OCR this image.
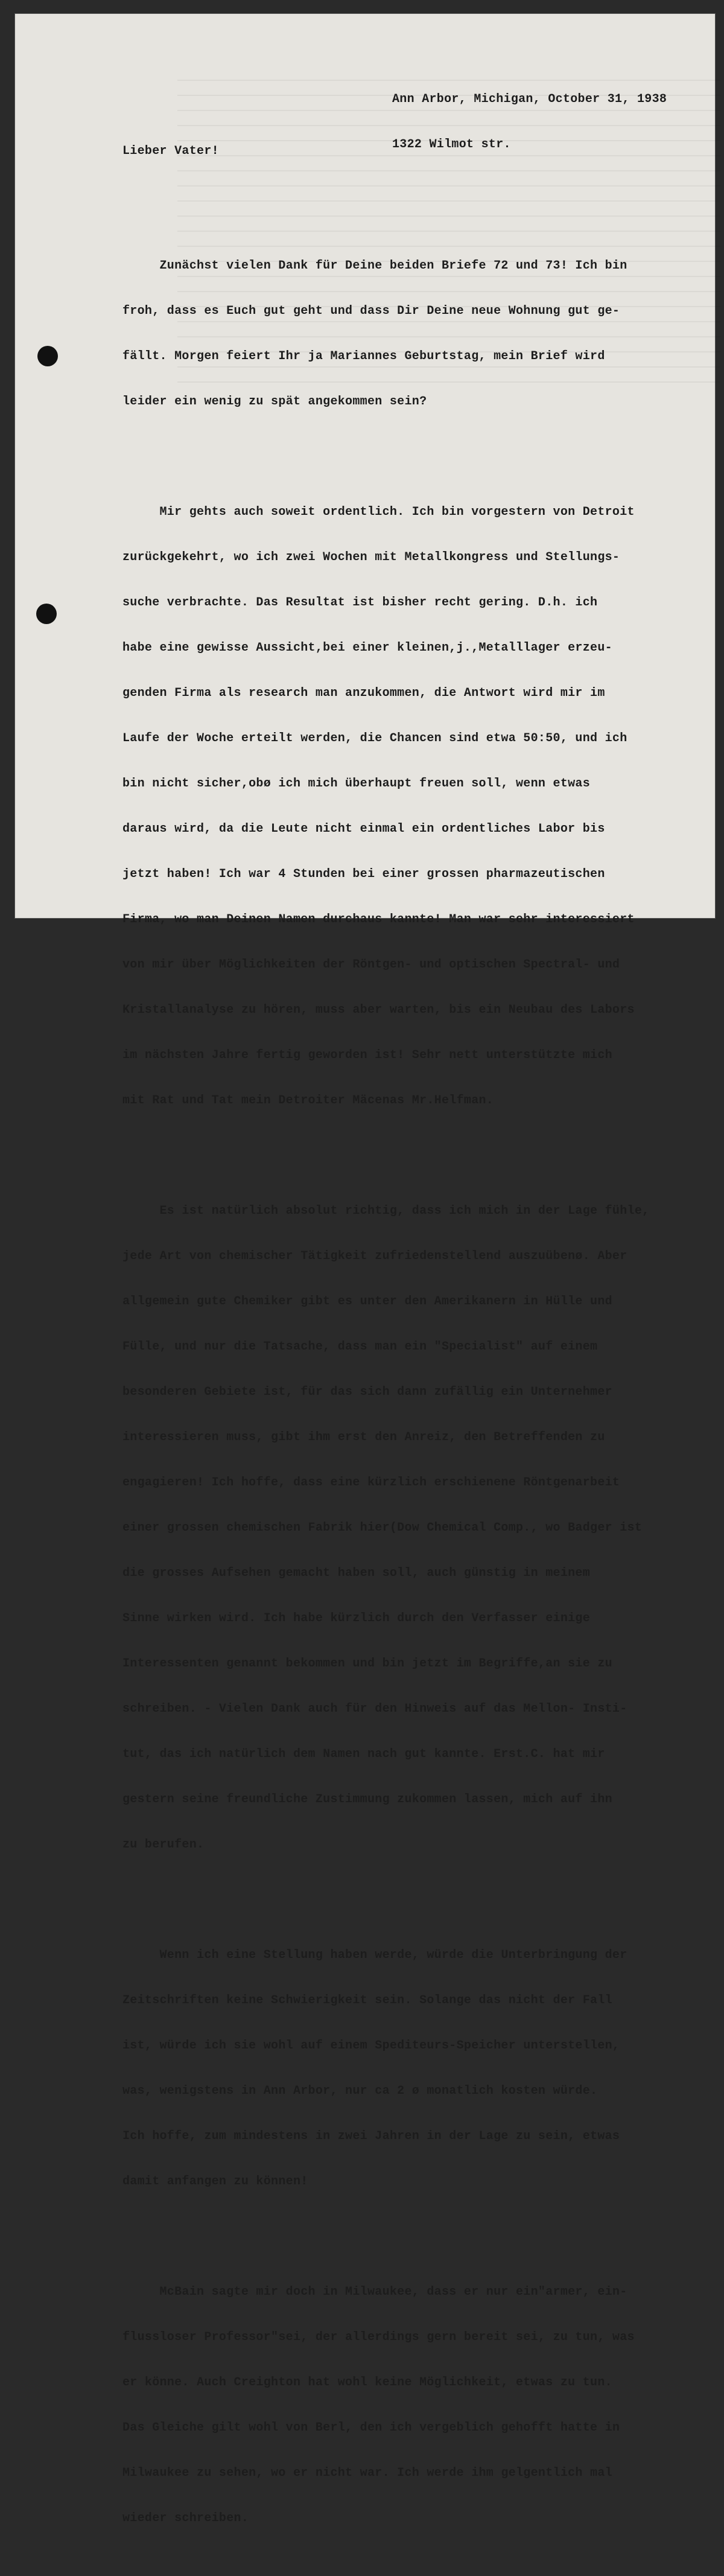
Ann Arbor, Michigan, October 31, 1938

1322 Wilmot str.

Lieber Vater!

Zunächst vielen Dank für Deine beiden Briefe 72 und 73! Ich bin

froh, dass es Euch gut geht und dass Dir Deine neue Wohnung gut ge-

fällt. Morgen feiert Ihr ja Mariannes Geburtstag, mein Brief wird

leider ein wenig zu spät angekommen sein?

Mir gehts auch soweit ordentlich. Ich bin vorgestern von Detroit

zurückgekehrt, wo ich zwei Wochen mit Metallkongress und Stellungs-

suche verbrachte. Das Resultat ist bisher recht gering. D.h. ich

habe eine gewisse Aussicht,bei einer kleinen,j.,Metalllager erzeu-

genden Firma als research man anzukommen, die Antwort wird mir im

Laufe der Woche erteilt werden, die Chancen sind etwa 50:50, und ich

bin nicht sicher,obø ich mich überhaupt freuen soll, wenn etwas

daraus wird, da die Leute nicht einmal ein ordentliches Labor bis

jetzt haben! Ich war 4 Stunden bei einer grossen pharmazeutischen

Firma, wo man Deinen Namen durchaus kannte! Man war sehr interessiert

von mir über Möglichkeiten der Röntgen- und optischen Spectral- und

Kristallanalyse zu hören, muss aber warten, bis ein Neubau des Labors

im nächsten Jahre fertig geworden ist! Sehr nett unterstützte mich

mit Rat und Tat mein Detroiter Mäcenas Mr.Helfman.

Es ist natürlich absolut richtig, dass ich mich in der Lage fühle,

jede Art von chemischer Tätigkeit zufriedenstellend auszuübenø. Aber

allgemein gute Chemiker gibt es unter den Amerikanern in Hülle und

Fülle, und nur die Tatsache, dass man ein "Specialist" auf einem

besonderen Gebiete ist, für das sich dann zufällig ein Unternehmer

interessieren muss, gibt ihm erst den Anreiz, den Betreffenden zu

engagieren! Ich hoffe, dass eine kürzlich erschienene Röntgenarbeit

einer grossen chemischen Fabrik hier(Dow Chemical Comp., wo Badger ist

die grosses Aufsehen gemacht haben soll, auch günstig in meinem

Sinne wirken wird. Ich habe kürzlich durch den Verfasser einige

Interessenten genannt bekommen und bin jetzt im Begriffe,an sie zu

schreiben. - Vielen Dank auch für den Hinweis auf das Mellon- Insti-

tut, das ich natürlich dem Namen nach gut kannte. Erst.C. hat mir

gestern seine freundliche Zustimmung zukommen lassen, mich auf ihn

zu berufen.

Wenn ich eine Stellung haben werde, würde die Unterbringung der

Zeitschriften keine Schwierigkeit sein. Solange das nicht der Fall

ist, würde ich sie wohl auf einem Spediteurs-Speicher unterstellen,

was, wenigstens in Ann Arbor, nur ca 2 ø monatlich kosten würde.

Ich hoffe, zum mindestens in zwei Jahren in der Lage zu sein, etwas

damit anfangen zu können!

McBain sagte mir doch in Milwaukee, dass er nur ein"armer, ein-

flussloser Professor"sei, der allerdings gern bereit sei, zu tun, was

er könne. Auch Creighton hat wohl keine Möglichkeit, etwas zu tun.

Das Gleiche gilt wohl von Berl, den ich vergeblich gehofft hatte in

Milwaukee zu sehen, wo er nicht war. Ich werde ihm gelgentlich mal

wieder schreiben.
